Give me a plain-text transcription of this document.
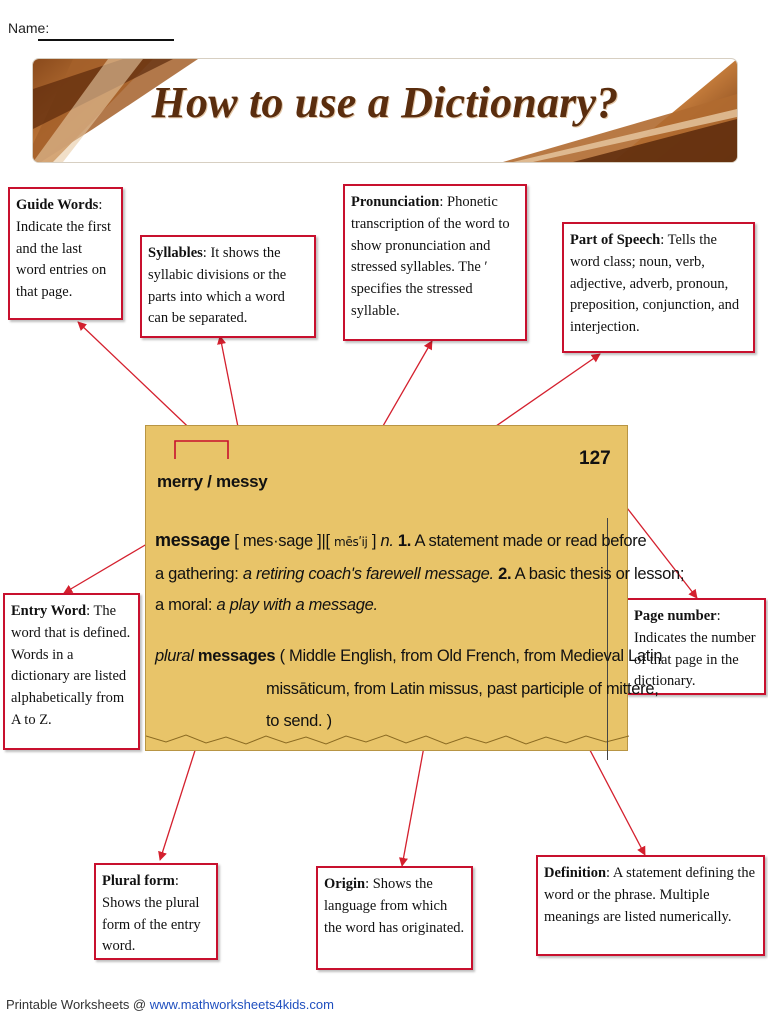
Name:
How to use a Dictionary?
Guide Words: Indicate the first and the last word entries on that page.
Syllables: It shows the syllabic divisions or the parts into which a word can be separated.
Pronunciation: Phonetic transcription of the word to show pronunciation and stressed syllables. The ʹ specifies the stressed syllable.
Part of Speech: Tells the word class; noun, verb, adjective, adverb, pronoun, preposition, conjunction, and interjection.
Entry Word: The word that is defined. Words in a dictionary are listed alphabetically from A to Z.
Page number: Indicates the number of that page in the dictionary.
Plural form: Shows the plural form of the entry word.
Origin: Shows the language from which the word has originated.
Definition: A statement defining the word or the phrase. Multiple meanings are listed numerically.
merry / messy
127
message [ mes·sage ]|[ mēsʹij ] n. 1. A statement made or read before
a gathering: a retiring coach's farewell message. 2. A basic thesis or lesson;
a moral: a play with a message.
plural messages ( Middle English, from Old French, from Medieval Latin
missāticum, from Latin missus, past participle of mittere,
to send. )
Printable Worksheets @ www.mathworksheets4kids.com
